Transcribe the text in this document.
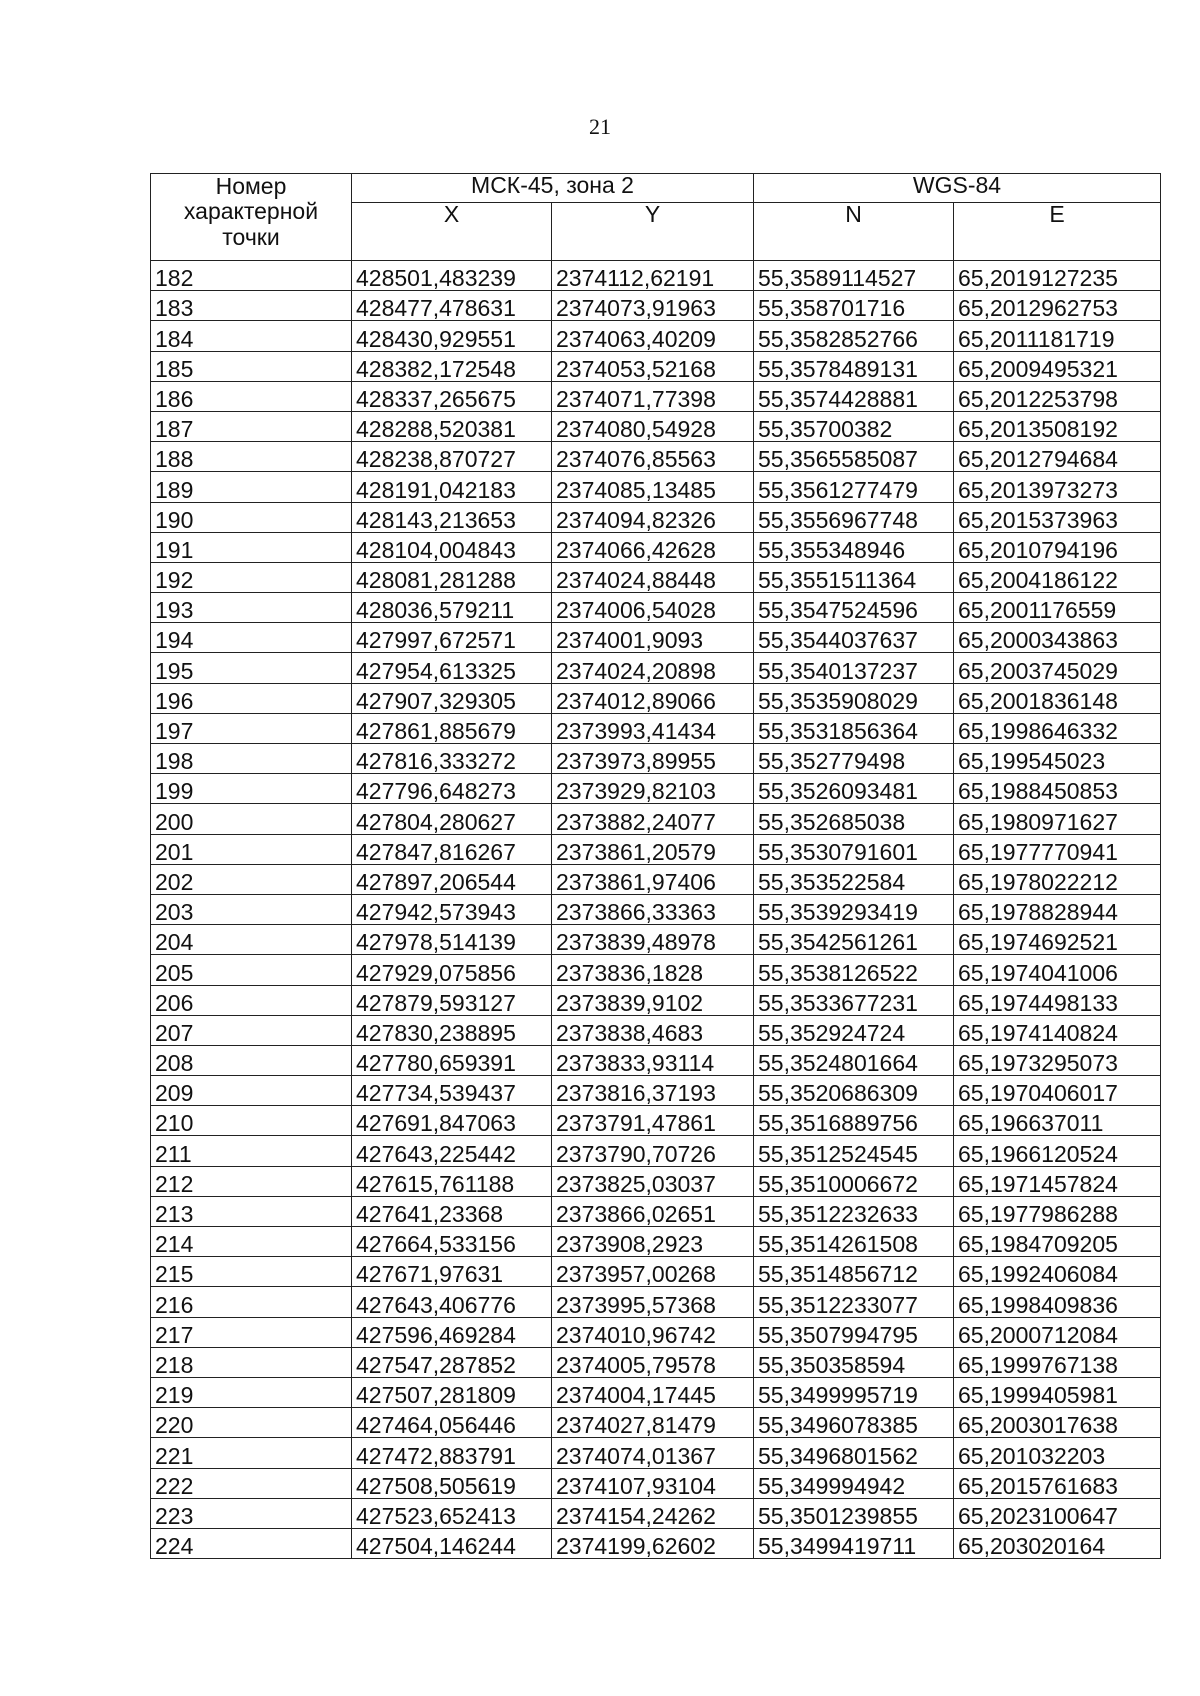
21
Номер
характерной
точки	МСК-45, зона 2		WGS-84	
	X	Y	N	E
182	428501,483239	2374112,62191	55,3589114527	65,2019127235
183	428477,478631	2374073,91963	55,358701716	65,2012962753
184	428430,929551	2374063,40209	55,3582852766	65,2011181719
185	428382,172548	2374053,52168	55,3578489131	65,2009495321
186	428337,265675	2374071,77398	55,3574428881	65,2012253798
187	428288,520381	2374080,54928	55,35700382	65,2013508192
188	428238,870727	2374076,85563	55,3565585087	65,2012794684
189	428191,042183	2374085,13485	55,3561277479	65,2013973273
190	428143,213653	2374094,82326	55,3556967748	65,2015373963
191	428104,004843	2374066,42628	55,355348946	65,2010794196
192	428081,281288	2374024,88448	55,3551511364	65,2004186122
193	428036,579211	2374006,54028	55,3547524596	65,2001176559
194	427997,672571	2374001,9093	55,3544037637	65,2000343863
195	427954,613325	2374024,20898	55,3540137237	65,2003745029
196	427907,329305	2374012,89066	55,3535908029	65,2001836148
197	427861,885679	2373993,41434	55,3531856364	65,1998646332
198	427816,333272	2373973,89955	55,352779498	65,199545023
199	427796,648273	2373929,82103	55,3526093481	65,1988450853
200	427804,280627	2373882,24077	55,352685038	65,1980971627
201	427847,816267	2373861,20579	55,3530791601	65,1977770941
202	427897,206544	2373861,97406	55,353522584	65,1978022212
203	427942,573943	2373866,33363	55,3539293419	65,1978828944
204	427978,514139	2373839,48978	55,3542561261	65,1974692521
205	427929,075856	2373836,1828	55,3538126522	65,1974041006
206	427879,593127	2373839,9102	55,3533677231	65,1974498133
207	427830,238895	2373838,4683	55,352924724	65,1974140824
208	427780,659391	2373833,93114	55,3524801664	65,1973295073
209	427734,539437	2373816,37193	55,3520686309	65,1970406017
210	427691,847063	2373791,47861	55,3516889756	65,196637011
211	427643,225442	2373790,70726	55,3512524545	65,1966120524
212	427615,761188	2373825,03037	55,3510006672	65,1971457824
213	427641,23368	2373866,02651	55,3512232633	65,1977986288
214	427664,533156	2373908,2923	55,3514261508	65,1984709205
215	427671,97631	2373957,00268	55,3514856712	65,1992406084
216	427643,406776	2373995,57368	55,3512233077	65,1998409836
217	427596,469284	2374010,96742	55,3507994795	65,2000712084
218	427547,287852	2374005,79578	55,350358594	65,1999767138
219	427507,281809	2374004,17445	55,3499995719	65,1999405981
220	427464,056446	2374027,81479	55,3496078385	65,2003017638
221	427472,883791	2374074,01367	55,3496801562	65,201032203
222	427508,505619	2374107,93104	55,349994942	65,2015761683
223	427523,652413	2374154,24262	55,3501239855	65,2023100647
224	427504,146244	2374199,62602	55,3499419711	65,203020164
